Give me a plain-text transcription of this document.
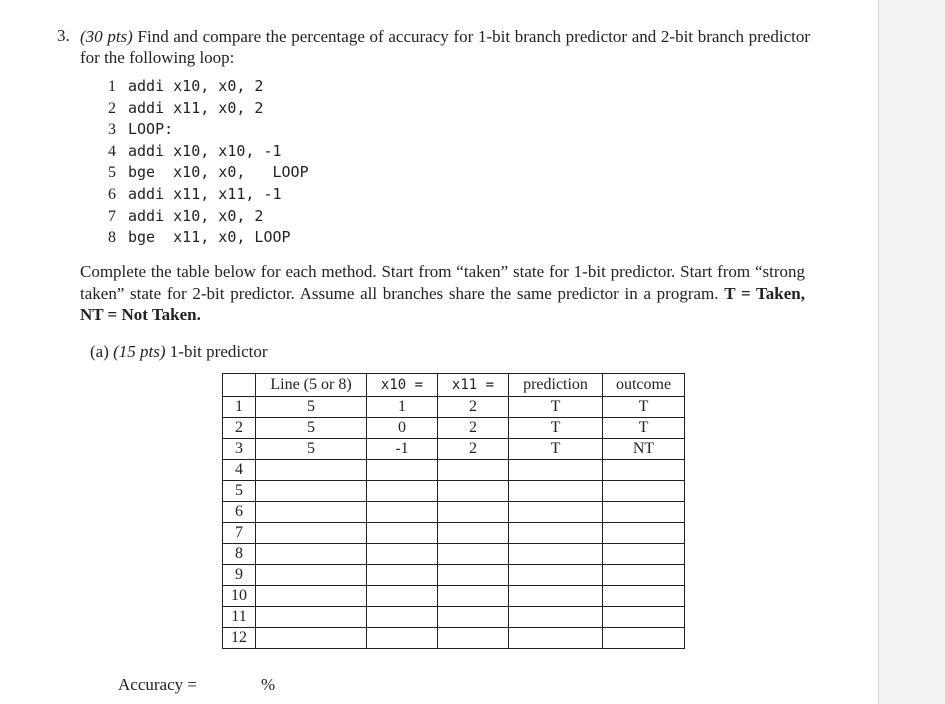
3. (30 pts) Find and compare the percentage of accuracy for 1-bit branch predictor and 2-bit branch predictor for the following loop:
1 addi x10, x0, 2
2 addi x11, x0, 2
3 LOOP:
4 addi x10, x10, -1
5 bge  x10, x0,   LOOP
6 addi x11, x11, -1
7 addi x10, x0, 2
8 bge  x11, x0, LOOP
Complete the table below for each method. Start from “taken” state for 1-bit predictor. Start from “strong taken” state for 2-bit predictor. Assume all branches share the same predictor in a program. T = Taken, NT = Not Taken.
(a) (15 pts) 1-bit predictor
	Line (5 or 8)	x10 =	x11 =	prediction	outcome
1	5	1	2	T	T
2	5	0	2	T	T
3	5	-1	2	T	NT
4					
5					
6					
7					
8					
9					
10					
11					
12					
Accuracy =	%
